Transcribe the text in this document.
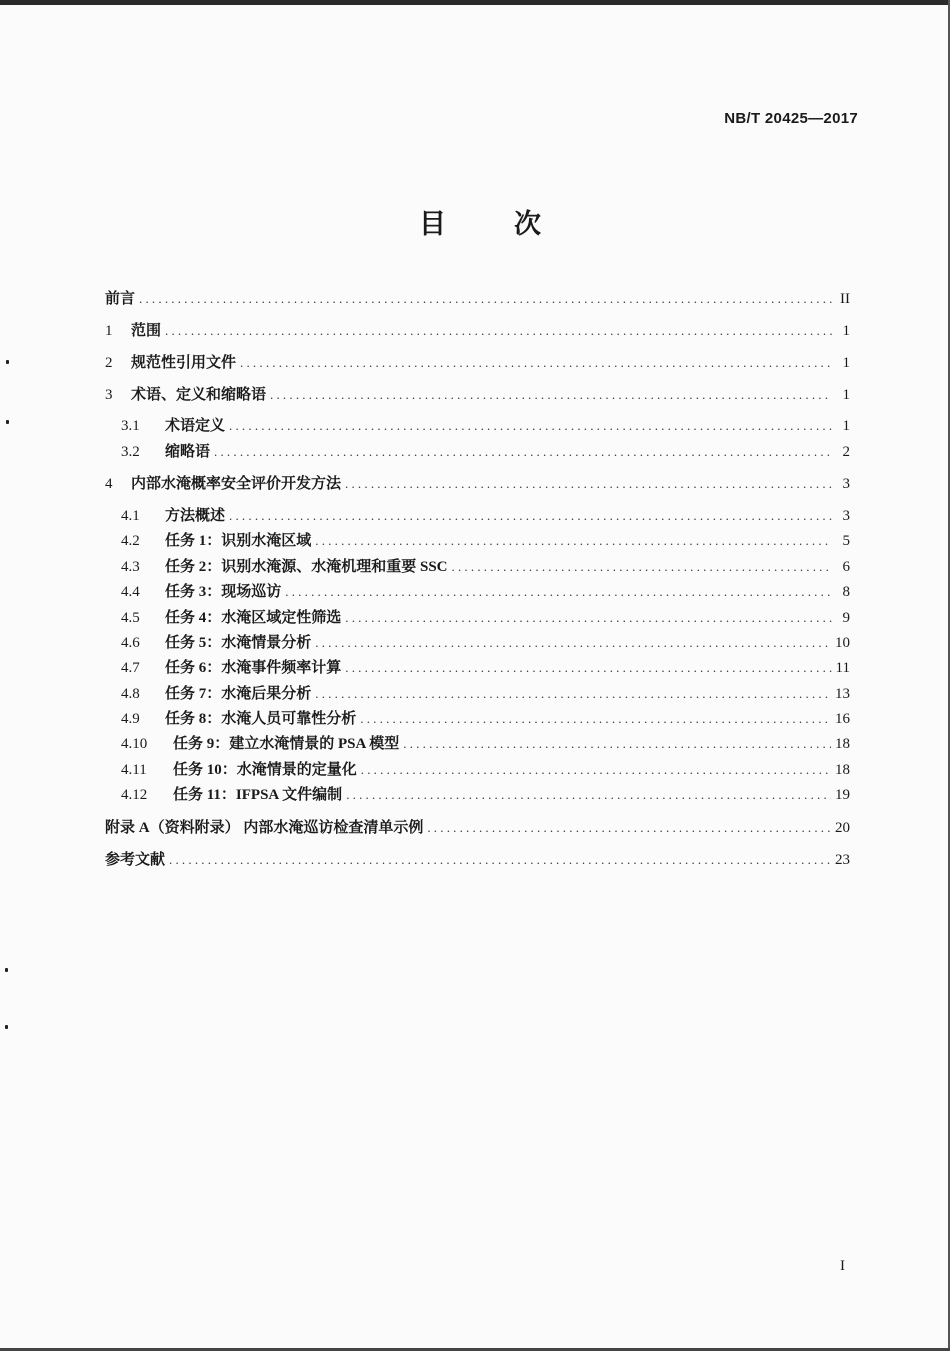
NB/T 20425—2017
目	次
前言 .....	II
1	范围 .....	1
2	规范性引用文件 .....	1
3	术语、定义和缩略语 .....	1
3.1	术语定义 .....	1
3.2	缩略语 .....	2
4	内部水淹概率安全评价开发方法 .....	3
4.1	方法概述 .....	3
4.2	任务 1：识别水淹区域 .....	5
4.3	任务 2：识别水淹源、水淹机理和重要 SSC .....	6
4.4	任务 3：现场巡访 .....	8
4.5	任务 4：水淹区域定性筛选 .....	9
4.6	任务 5：水淹情景分析 .....	10
4.7	任务 6：水淹事件频率计算 .....	11
4.8	任务 7：水淹后果分析 .....	13
4.9	任务 8：水淹人员可靠性分析 .....	16
4.10	任务 9：建立水淹情景的 PSA 模型 .....	18
4.11	任务 10：水淹情景的定量化 .....	18
4.12	任务 11：IFPSA 文件编制 .....	19
附录 A（资料附录） 内部水淹巡访检查清单示例 .....	20
参考文献 .....	23
I
